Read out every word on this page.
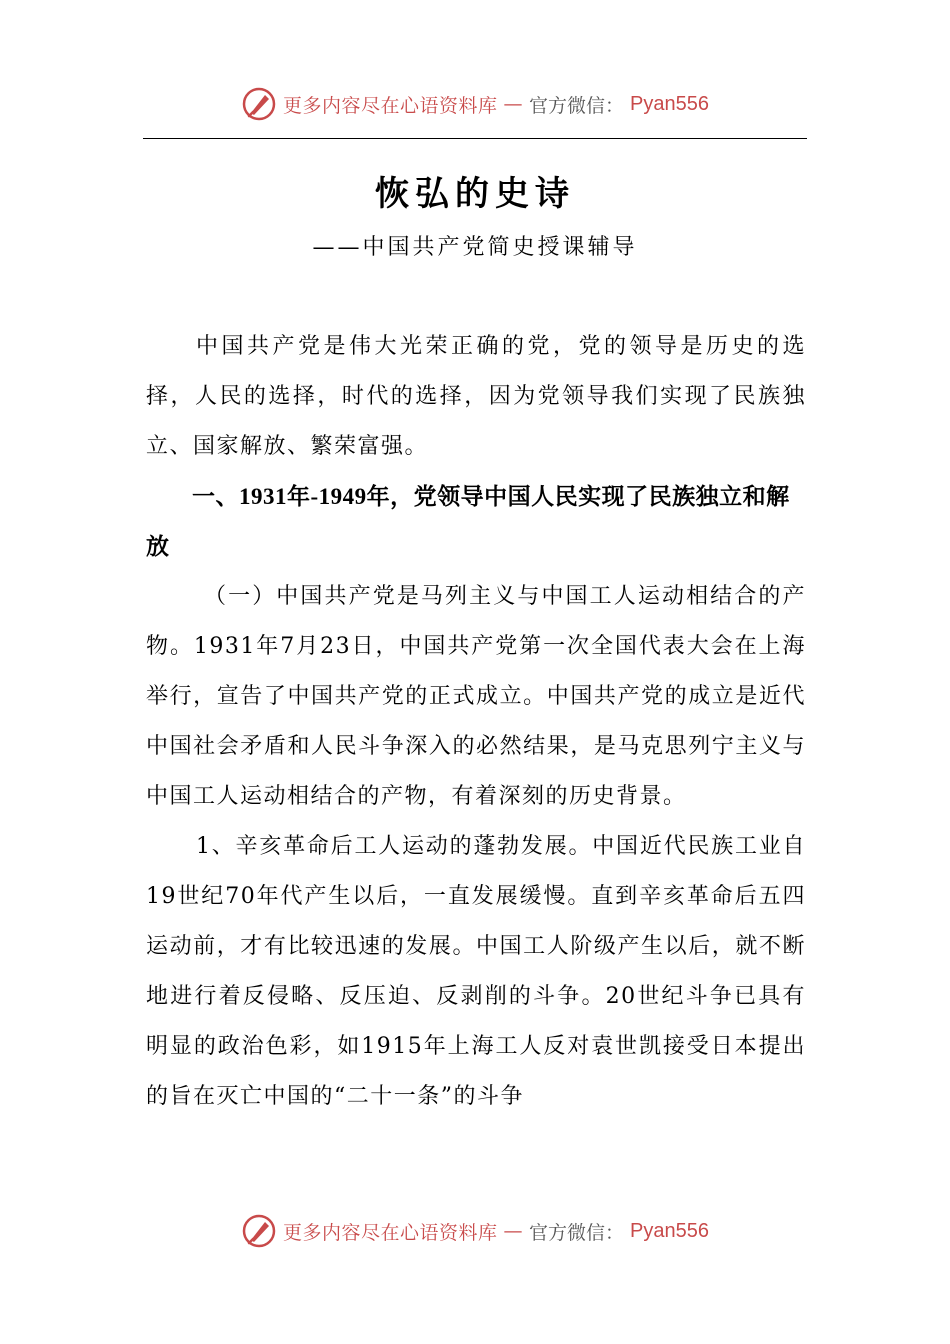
更多内容尽在心语资料库 — 官方微信： Pyan556
恢弘的史诗
——中国共产党简史授课辅导

中国共产党是伟大光荣正确的党，党的领导是历史的选择，人民的选择，时代的选择，因为党领导我们实现了民族独立、国家解放、繁荣富强。

一、1931年-1949年，党领导中国人民实现了民族独立和解放

（一）中国共产党是马列主义与中国工人运动相结合的产物。1931年7月23日，中国共产党第一次全国代表大会在上海举行，宣告了中国共产党的正式成立。中国共产党的成立是近代中国社会矛盾和人民斗争深入的必然结果，是马克思列宁主义与中国工人运动相结合的产物，有着深刻的历史背景。

1、辛亥革命后工人运动的蓬勃发展。中国近代民族工业自19世纪70年代产生以后，一直发展缓慢。直到辛亥革命后五四运动前，才有比较迅速的发展。中国工人阶级产生以后，就不断地进行着反侵略、反压迫、反剥削的斗争。20世纪斗争已具有明显的政治色彩，如1915年上海工人反对袁世凯接受日本提出的旨在灭亡中国的“二十一条”的斗争

更多内容尽在心语资料库 — 官方微信： Pyan556
